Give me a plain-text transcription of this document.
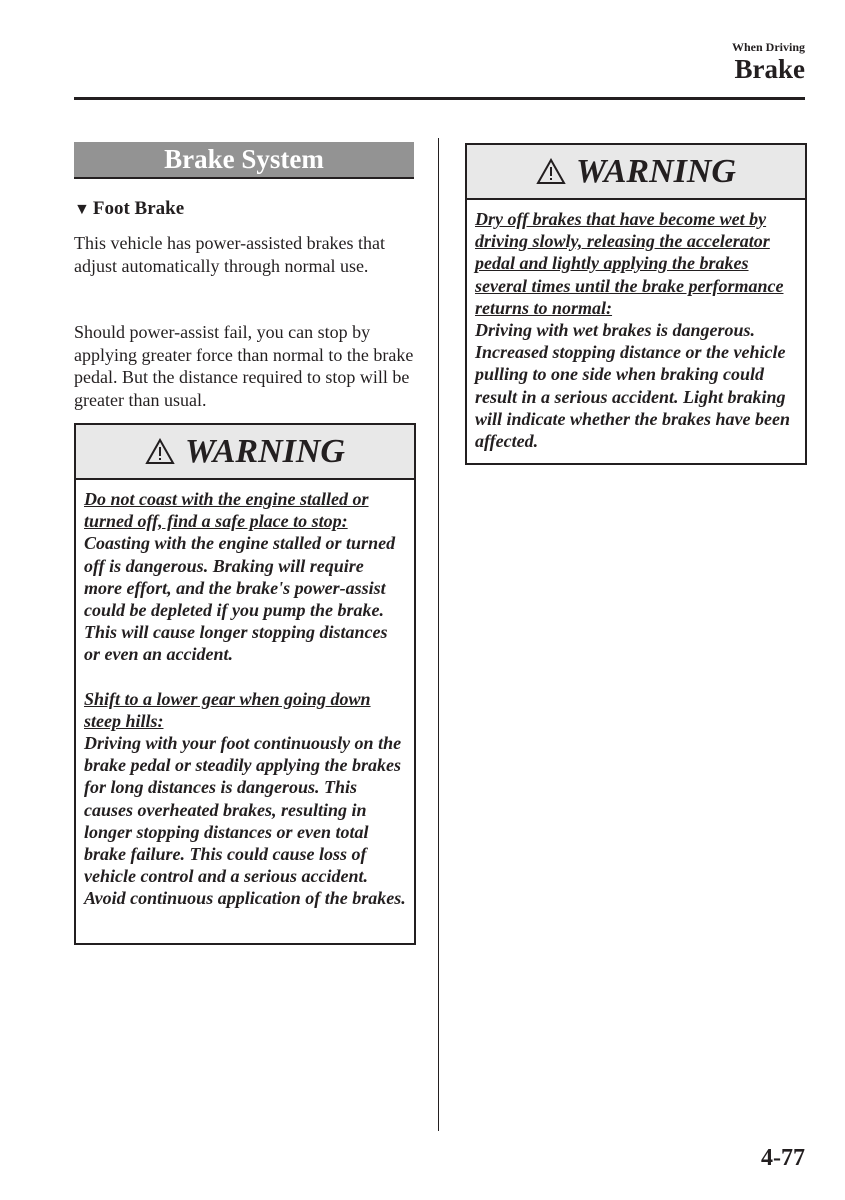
When Driving
Brake
Brake System
▼ Foot Brake

This vehicle has power-assisted brakes that adjust automatically through normal use.

Should power-assist fail, you can stop by applying greater force than normal to the brake pedal. But the distance required to stop will be greater than usual.

WARNING
Do not coast with the engine stalled or turned off, find a safe place to stop:
Coasting with the engine stalled or turned off is dangerous. Braking will require more effort, and the brake's power-assist could be depleted if you pump the brake. This will cause longer stopping distances or even an accident.
Shift to a lower gear when going down steep hills:
Driving with your foot continuously on the brake pedal or steadily applying the brakes for long distances is dangerous. This causes overheated brakes, resulting in longer stopping distances or even total brake failure. This could cause loss of vehicle control and a serious accident. Avoid continuous application of the brakes.
WARNING
Dry off brakes that have become wet by driving slowly, releasing the accelerator pedal and lightly applying the brakes several times until the brake performance returns to normal:
Driving with wet brakes is dangerous. Increased stopping distance or the vehicle pulling to one side when braking could result in a serious accident. Light braking will indicate whether the brakes have been affected.
4-77
